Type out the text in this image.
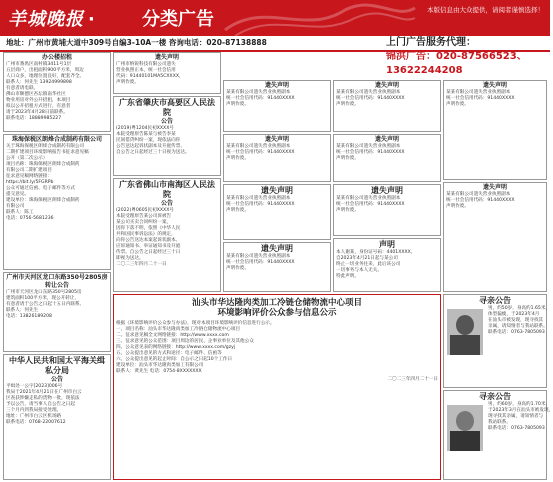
羊城晚报 ·	分类广告	本版信息由大众提供，请阅者谨慎选择！
地址：广州市黄埔大道中309号自编3-10A一楼 咨询电话：020-87138888	上门广告服务代理：
锦洪广告：020-87566523、13622244208
办公楼招租
广州市番禺区南村镇3411号1层
五层商户，出租面积900平方米，周边
人口众多，地理位置良好，配套齐全。
联系人：何先生 13924999898
有意者请电联。
佛山市顺德区杏坛镇南华社区
物业用房对外公开招租，本项目
拟以公开招租方式进行，有意者
请于2023年4月28日前联系。
联系电话：18889985227
珠海保税区朗烽合成制药有限公司
关于珠海保税区朗烽合成制药有限公司
二期扩建项目环境影响报告书征求意见稿
公开（第二次公示）
项目名称：珠海保税区朗烽合成制药
有限公司二期扩建项目
征求意见稿网络链接：
https://bit.ly/5FGRPb
公众可通过信函、电子邮件等方式
提交意见。
建设单位：珠海保税区朗烽合成制药
有限公司
联系人：陈工
电话：0756-5681236
广州市天河区龙口东路350号2805房
转让公告
广州市天河区龙口东路350号2805房
建筑面积100平方米，现公开转让，
有意者请于公告之日起十五日内联系。
联系人：何先生
电话：13826189208
中华人民共和国太平海关缉私分局
公告
平缉处一公字[2023]006号
我局于2021年4月21日在广州市白云
区查获涉嫌走私的货物一批，现依法
予以公告，请当事人自公告之日起
三个月内到我局接受处理。
地址：广州市白云区机场路
联系电话：0768-22007612
遗失声明
广州市纳锐科技有限公司遗失
营业执照正本，统一社会信用
代码：91440101MA5CXXXX，
声明作废。
广东省肇庆市高要区人民法院
公告
(2019)粤1204民初XXXX号
本院受理原告陈某与被告李某
民间借贷纠纷一案，现依法向你
公告送达起诉状副本及开庭传票，
自公告之日起经过三十日视为送达。
广东省佛山市南海区人民法院
公告
(2022)粤0605民初XXXX号
本院受理原告某公司诉被告
某公司买卖合同纠纷一案，
因你下落不明，依照《中华人民
共和国民事诉讼法》的规定，
向你公告送达本案起诉状副本、
应诉通知书、举证通知书及开庭
传票。自公告之日起经过三十日
即视为送达。
二〇二三年四月二十一日
遗失声明
某某有限公司遗失营业执照副本
统一社会信用代码：91440XXXX
声明作废。
遗失声明
某某有限公司遗失营业执照副本
统一社会信用代码：91440XXXX
声明作废。
遗失声明
某某有限公司遗失营业执照副本
统一社会信用代码：91440XXXX
声明作废。
遗失声明
某某有限公司遗失营业执照副本
统一社会信用代码：91440XXXX
声明作废。
遗失声明
某某有限公司遗失营业执照副本
统一社会信用代码：91440XXXX
声明作废。
遗失声明
某某有限公司遗失营业执照副本
统一社会信用代码：91440XXXX
声明作废。
遗失声明
某某有限公司遗失营业执照副本
统一社会信用代码：91440XXXX
声明作废。
声明
本人谢某，身份证号码：4401XXXX，
自2023年4月21日起与某公司
终止一切业务往来，此后该公司
一切事务与本人无关。
特此声明。
遗失声明
某某有限公司遗失营业执照副本
统一社会信用代码：91440XXXX
声明作废。
遗失声明
某某有限公司遗失营业执照副本
统一社会信用代码：91440XXXX
声明作废。
寻亲公告
男，约50岁，身高约1.65米，
体型偏瘦，于2023年4月
在汕头市被发现，现寻找其
亲属，请知情者与我站联系。
联系电话：0763-7805093
寻亲公告
男，约60岁，身高约1.70米，
于2023年3月在汕头市被发现，
现寻找其亲属，请知情者与
我站联系。
联系电话：0763-7805093
汕头市华达隆肉类加工冷链仓储物流中心项目
环境影响评价公众参与信息公示
根据《环境影响评价公众参与办法》，现对本项目环境影响评价信息进行公示。
一、项目名称：汕头市华达隆肉类加工冷链仓储物流中心项目
二、征求意见稿全文网络链接：http://www.xxxx.com
三、征求意见的公众范围：项目周边的居民、企事业单位及其他公众
四、公众意见表的网络链接：http://www.xxxx.com/gzyj
五、公众提出意见的方式和途径：电子邮件、信函等
六、公众提出意见的起止时间：自公示之日起10个工作日
建设单位：汕头市华达隆肉类加工有限公司
联系人：黄先生 电话：0754-8XXXXXXX
二〇二三年四月二十一日
